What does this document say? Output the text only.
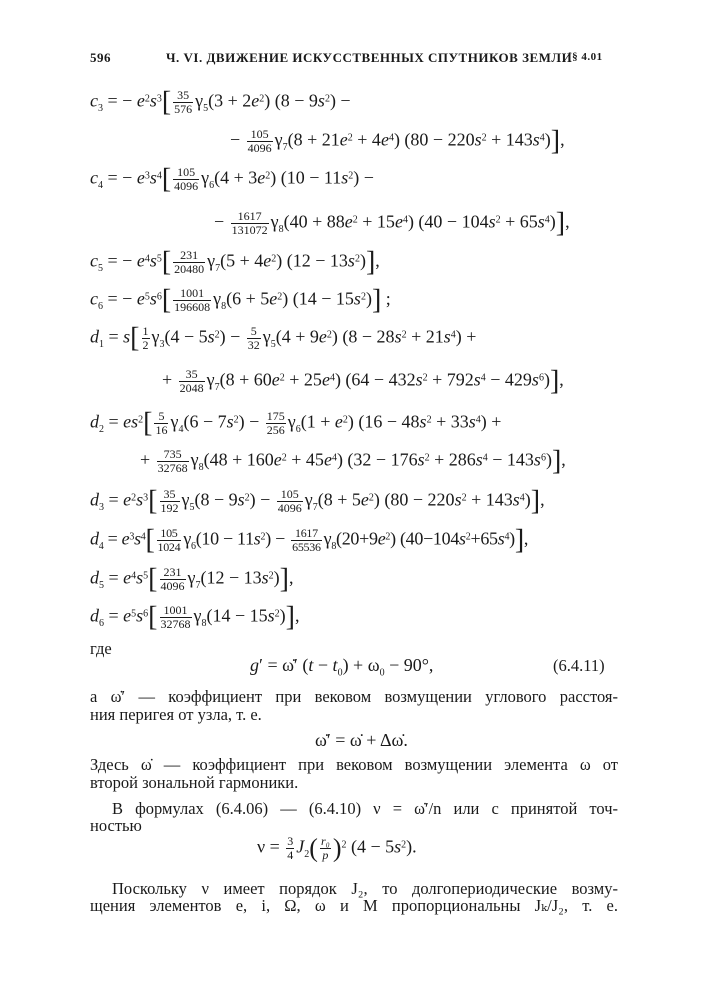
596	Ч. VI. ДВИЖЕНИЕ ИСКУССТВЕННЫХ СПУТНИКОВ ЗЕМЛИ
[§ 4.01
$c_3$ = − $e^2s^3[ \frac{35}{576} \gamma_5(3 + 2e^2) (8 - 9s^2)$ −
− $\frac{105}{4096} \gamma_7(8 + 21e^2 + 4e^4) (80 - 220s^2 + 143s^4)$],
$c_4$ = − $e^3s^4[ \frac{105}{4096} \gamma_6(4 + 3e^2) (10 - 11s^2)$ −
− $\frac{1617}{131072} \gamma_8(40 + 88e^2 + 15e^4) (40 - 104s^2 + 65s^4)$],
$c_5$ = − $e^4s^5[ \frac{231}{20480} \gamma_7(5 + 4e^2) (12 - 13s^2)]$,
$c_6$ = − $e^5s^6[ \frac{1001}{196608} \gamma_8(6 + 5e^2) (14 - 15s^2)]$ ;
$d_1 = s[ \frac{1}{2} \gamma_3(4 - 5s^2) - \frac{5}{32} \gamma_5(4 + 9e^2) (8 - 28s^2 + 21s^4)$ +
+ $\frac{35}{2048} \gamma_7(8 + 60e^2 + 25e^4) (64 - 432s^2 + 792s^4 - 429s^6)$],
$d_2 = es^2[ \frac{5}{16} \gamma_4(6 - 7s^2) - \frac{175}{256} \gamma_6(1 + e^2) (16 - 48s^2 + 33s^4)$ +
+ $\frac{735}{32768} \gamma_8(48 + 160e^2 + 45e^4) (32 - 176s^2 + 286s^4 - 143s^6)$],
$d_3 = e^2s^3[ \frac{35}{192} \gamma_5(8 - 9s^2) - \frac{105}{4096} \gamma_7(8 + 5e^2) (80 - 220s^2 + 143s^4)]$,
$d_4 = e^3s^4[ \frac{105}{1024} \gamma_6(10 - 11s^2) - \frac{1617}{65536} \gamma_8(20+9e^2)$ $(40-104s^2+65s^4)$],
$d_5 = e^4s^5[ \frac{231}{4096} \gamma_7(12 - 13s^2)]$,
$d_6 = e^5s^6[ \frac{1001}{32768} \gamma_8(14 - 15s^2)]$,
где
g′ = ω̇′ $(t - t_0) + \omega_0 - 90^\circ$,	(6.4.11)
а ω̇′ — коэффициент при вековом возмущении углового расстоя-
ния перигея от узла, т. е.
ω̇′ = ω̇ + Δω̇.
Здесь ω̇ — коэффициент при вековом возмущении элемента ω от
второй зональной гармоники.
В формулах (6.4.06) — (6.4.10) ν = ω̇′/n или с принятой точ-
ностью
$\nu = \frac{3}{4} J_2( \frac{\text{r₀}}{p} )^2$ $(4 - 5s^2)$.
Поскольку ν имеет порядок J₂, то долгопериодические возму-
щения элементов e, i, Ω, ω и M пропорциональны Jₖ/J₂, т. е.
